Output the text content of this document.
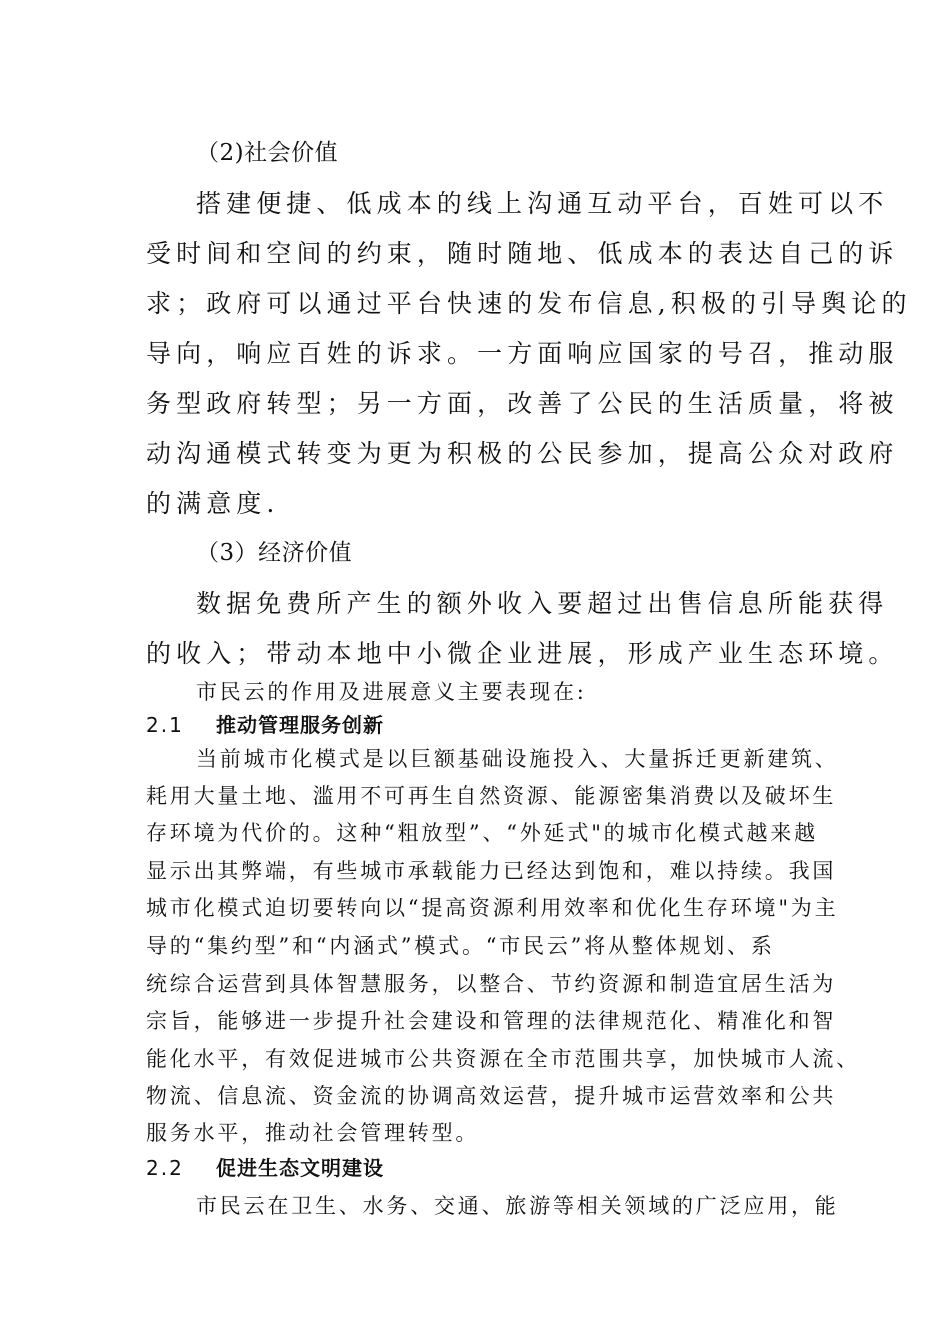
（2)社会价值
搭建便捷、低成本的线上沟通互动平台，百姓可以不
受时间和空间的约束，随时随地、低成本的表达自己的诉
求；政府可以通过平台快速的发布信息,积极的引导舆论的
导向，响应百姓的诉求。一方面响应国家的号召，推动服
务型政府转型；另一方面，改善了公民的生活质量，将被
动沟通模式转变为更为积极的公民参加，提高公众对政府
的满意度.
（3）经济价值
数据免费所产生的额外收入要超过出售信息所能获得
的收入；带动本地中小微企业进展，形成产业生态环境。
市民云的作用及进展意义主要表现在:
2.1 推动管理服务创新
当前城市化模式是以巨额基础设施投入、大量拆迁更新建筑、
耗用大量土地、滥用不可再生自然资源、能源密集消费以及破坏生
存环境为代价的。这种“粗放型”、“外延式"的城市化模式越来越
显示出其弊端，有些城市承载能力已经达到饱和，难以持续。我国
城市化模式迫切要转向以“提高资源利用效率和优化生存环境"为主
导的“集约型”和“内涵式”模式。“市民云”将从整体规划、系
统综合运营到具体智慧服务，以整合、节约资源和制造宜居生活为
宗旨，能够进一步提升社会建设和管理的法律规范化、精准化和智
能化水平，有效促进城市公共资源在全市范围共享，加快城市人流、
物流、信息流、资金流的协调高效运营，提升城市运营效率和公共
服务水平，推动社会管理转型。
2.2 促进生态文明建设
市民云在卫生、水务、交通、旅游等相关领域的广泛应用，能
